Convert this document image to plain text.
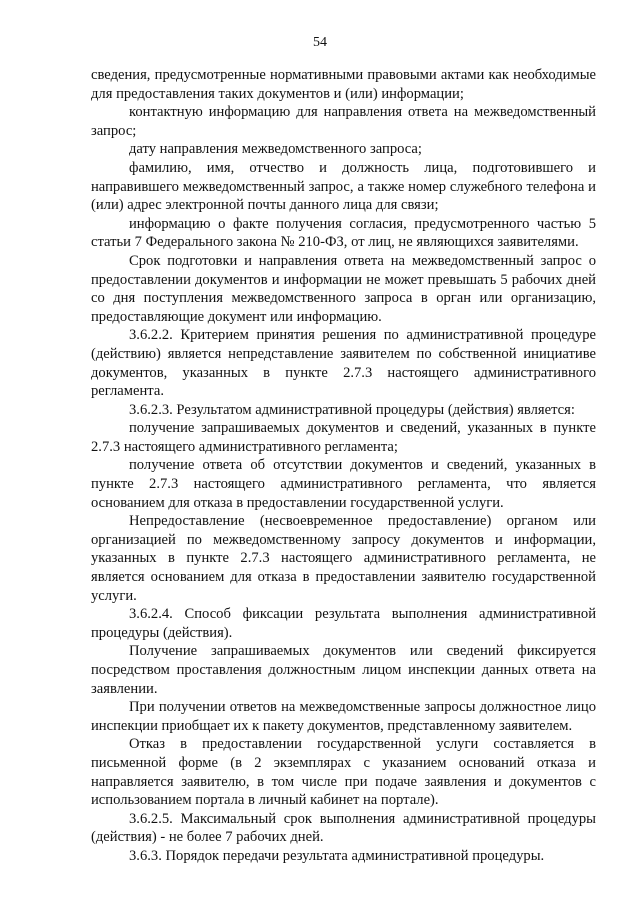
54

сведения, предусмотренные нормативными правовыми актами как необходимые для предоставления таких документов и (или) информации;

контактную информацию для направления ответа на межведомственный запрос;

дату направления межведомственного запроса;

фамилию, имя, отчество и должность лица, подготовившего и направившего межведомственный запрос, а также номер служебного телефона и (или) адрес электронной почты данного лица для связи;

информацию о факте получения согласия, предусмотренного частью 5 статьи 7 Федерального закона № 210-ФЗ, от лиц, не являющихся заявителями.

Срок подготовки и направления ответа на межведомственный запрос о предоставлении документов и информации не может превышать 5 рабочих дней со дня поступления межведомственного запроса в орган или организацию, предоставляющие документ или информацию.

3.6.2.2. Критерием принятия решения по административной процедуре (действию) является непредставление заявителем по собственной инициативе документов, указанных в пункте 2.7.3 настоящего административного регламента.

3.6.2.3. Результатом административной процедуры (действия) является:

получение запрашиваемых документов и сведений, указанных в пункте 2.7.3 настоящего административного регламента;

получение ответа об отсутствии документов и сведений, указанных в пункте 2.7.3 настоящего административного регламента, что является основанием для отказа в предоставлении государственной услуги.

Непредоставление (несвоевременное предоставление) органом или организацией по межведомственному запросу документов и информации, указанных в пункте 2.7.3 настоящего административного регламента, не является основанием для отказа в предоставлении заявителю государственной услуги.

3.6.2.4. Способ фиксации результата выполнения административной процедуры (действия).

Получение запрашиваемых документов или сведений фиксируется посредством проставления должностным лицом инспекции данных ответа на заявлении.

При получении ответов на межведомственные запросы должностное лицо инспекции приобщает их к пакету документов, представленному заявителем.

Отказ в предоставлении государственной услуги составляется в письменной форме (в 2 экземплярах с указанием оснований отказа и направляется заявителю, в том числе при подаче заявления и документов с использованием портала в личный кабинет на портале).

3.6.2.5. Максимальный срок выполнения административной процедуры (действия) - не более 7 рабочих дней.

3.6.3. Порядок передачи результата административной процедуры.
